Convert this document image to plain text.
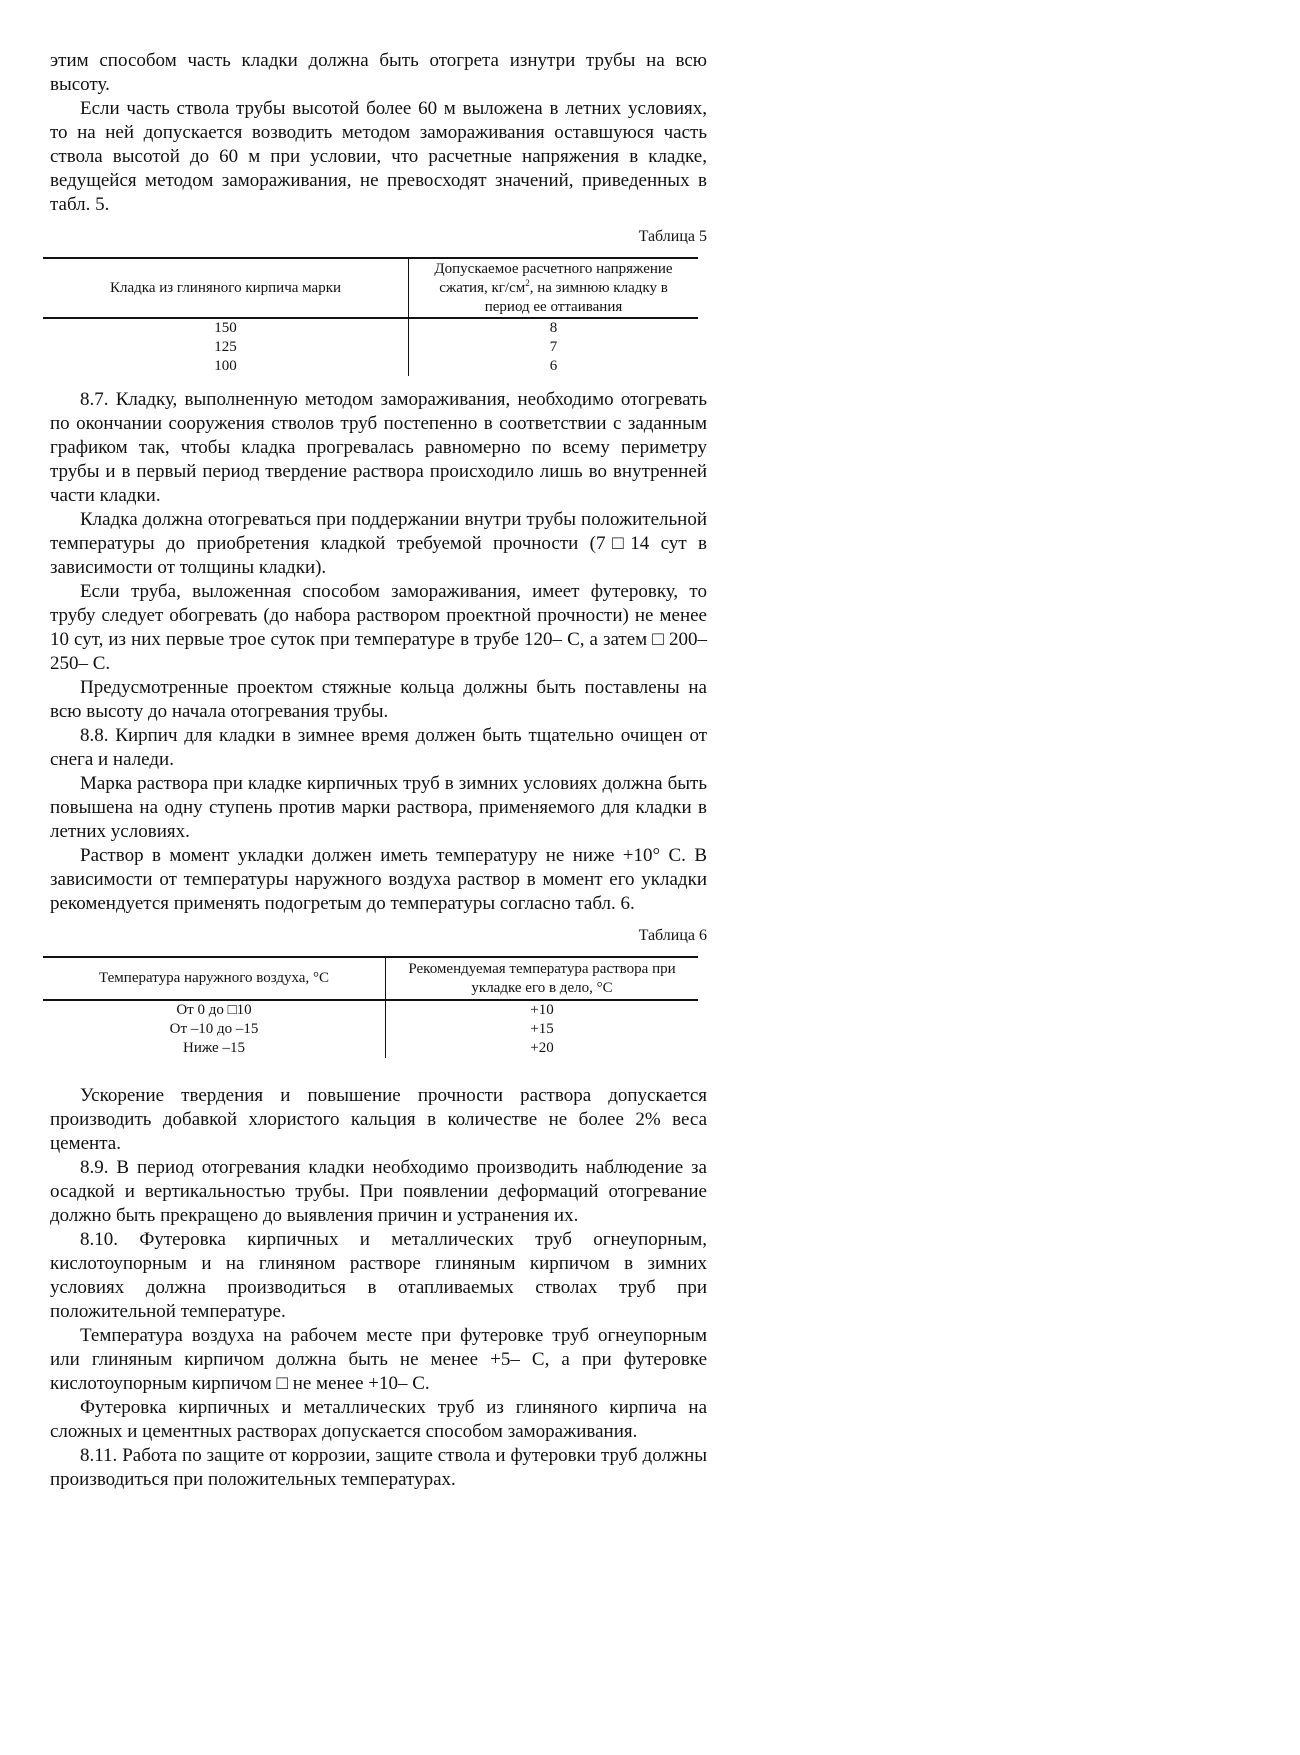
этим способом часть кладки должна быть отогрета изнутри трубы на всю высоту.

Если часть ствола трубы высотой более 60 м выложена в летних условиях, то на ней допускается возводить методом замораживания оставшуюся часть ствола высотой до 60 м при условии, что расчетные напряжения в кладке, ведущейся методом замораживания, не превосходят значений, приведенных в табл. 5.

Таблица 5

Кладка из глиняного кирпича марки	Допускаемое расчетного напряжение сжатия, $кг/см^2$, на зимнюю кладку в период ее оттаивания
150	8
125	7
100	6

8.7. Кладку, выполненную методом замораживания, необходимо отогревать по окончании сооружения стволов труб постепенно в соответствии с заданным графиком так, чтобы кладка прогревалась равномерно по всему периметру трубы и в первый период твердение раствора происходило лишь во внутренней части кладки.

Кладка должна отогреваться при поддержании внутри трубы положительной температуры до приобретения кладкой требуемой прочности (7□14 сут в зависимости от толщины кладки).

Если труба, выложенная способом замораживания, имеет футеровку, то трубу следует обогревать (до набора раствором проектной прочности) не менее 10 сут, из них первые трое суток при температуре в трубе 120‒ С, а затем □ 200–250‒ С.

Предусмотренные проектом стяжные кольца должны быть поставлены на всю высоту до начала отогревания трубы.

8.8. Кирпич для кладки в зимнее время должен быть тщательно очищен от снега и наледи.

Марка раствора при кладке кирпичных труб в зимних условиях должна быть повышена на одну ступень против марки раствора, применяемого для кладки в летних условиях.

Раствор в момент укладки должен иметь температуру не ниже +10° С. В зависимости от температуры наружного воздуха раствор в момент его укладки рекомендуется применять подогретым до температуры согласно табл. 6.

Таблица 6

Температура наружного воздуха, °С	Рекомендуемая температура раствора при укладке его в дело, °С
От 0 до □10	+10
От –10 до –15	+15
Ниже –15	+20

Ускорение твердения и повышение прочности раствора допускается производить добавкой хлористого кальция в количестве не более 2% веса цемента.

8.9. В период отогревания кладки необходимо производить наблюдение за осадкой и вертикальностью трубы. При появлении деформаций отогревание должно быть прекращено до выявления причин и устранения их.

8.10. Футеровка кирпичных и металлических труб огнеупорным, кислотоупорным и на глиняном растворе глиняным кирпичом в зимних условиях должна производиться в отапливаемых стволах труб при положительной температуре.

Температура воздуха на рабочем месте при футеровке труб огнеупорным или глиняным кирпичом должна быть не менее +5‒ С, а при футеровке кислотоупорным кирпичом □ не менее +10‒ С.

Футеровка кирпичных и металлических труб из глиняного кирпича на сложных и цементных растворах допускается способом замораживания.

8.11. Работа по защите от коррозии, защите ствола и футеровки труб должны производиться при положительных температурах.
